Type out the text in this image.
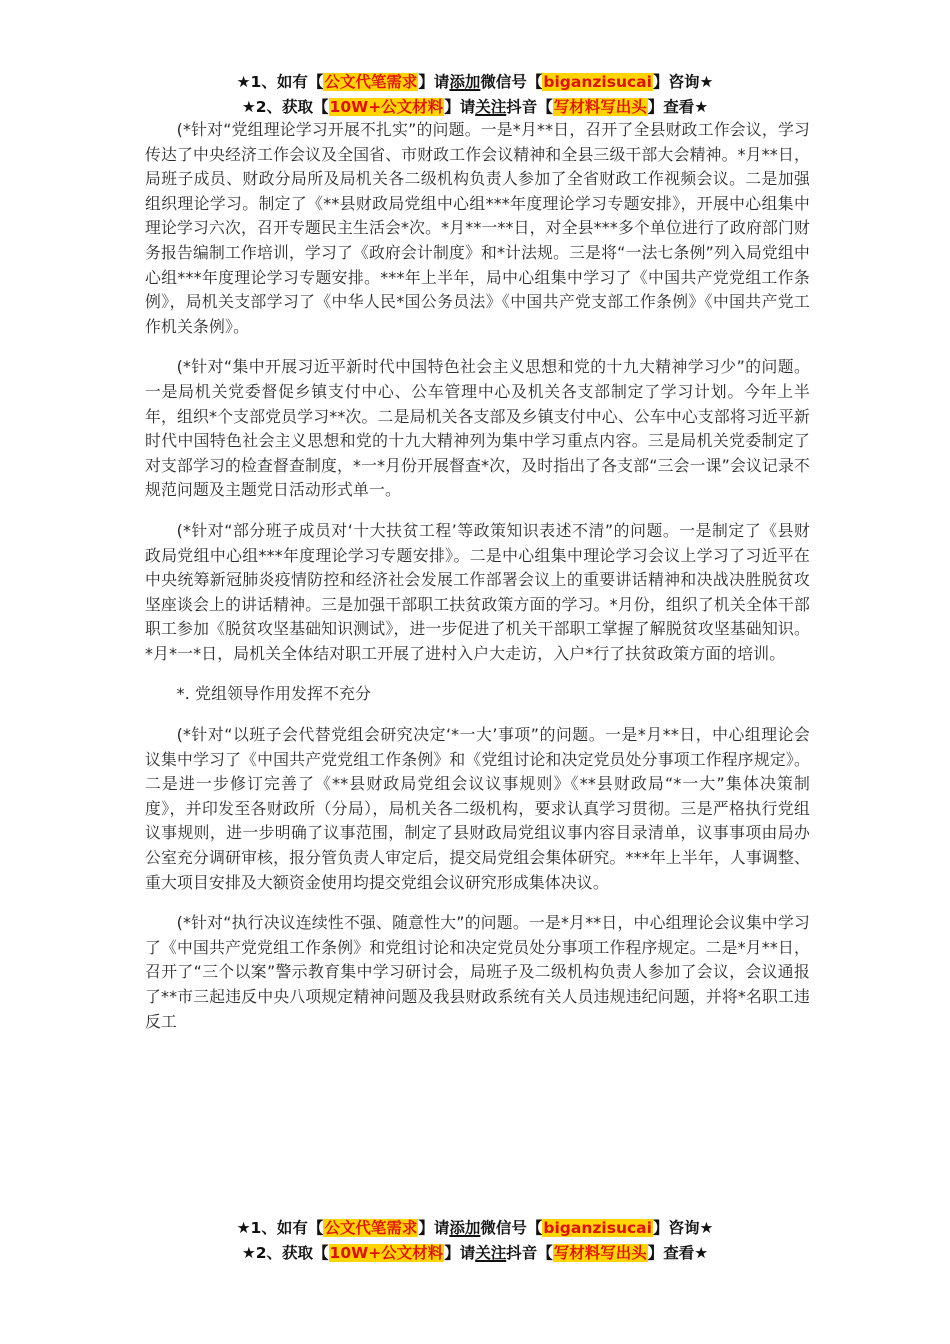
★1、如有【公文代笔需求】请添加微信号【biganzisucai】咨询★
★2、获取【10W+公文材料】请关注抖音【写材料写出头】查看★

(*针对“党组理论学习开展不扎实”的问题。一是*月**日，召开了全县财政工作会议，学习传达了中央经济工作会议及全国省、市财政工作会议精神和全县三级干部大会精神。*月**日，局班子成员、财政分局所及局机关各二级机构负责人参加了全省财政工作视频会议。二是加强组织理论学习。制定了《**县财政局党组中心组***年度理论学习专题安排》，开展中心组集中理论学习六次，召开专题民主生活会*次。*月**一**日，对全县***多个单位进行了政府部门财务报告编制工作培训，学习了《政府会计制度》和*计法规。三是将“一法七条例”列入局党组中心组***年度理论学习专题安排。***年上半年，局中心组集中学习了《中国共产党党组工作条例》，局机关支部学习了《中华人民*国公务员法》《中国共产党支部工作条例》《中国共产党工作机关条例》。

(*针对“集中开展习近平新时代中国特色社会主义思想和党的十九大精神学习少”的问题。一是局机关党委督促乡镇支付中心、公车管理中心及机关各支部制定了学习计划。今年上半年，组织*个支部党员学习**次。二是局机关各支部及乡镇支付中心、公车中心支部将习近平新时代中国特色社会主义思想和党的十九大精神列为集中学习重点内容。三是局机关党委制定了对支部学习的检查督查制度，*一*月份开展督查*次，及时指出了各支部“三会一课”会议记录不规范问题及主题党日活动形式单一。

(*针对“部分班子成员对‘十大扶贫工程’等政策知识表述不清”的问题。一是制定了《县财政局党组中心组***年度理论学习专题安排》。二是中心组集中理论学习会议上学习了习近平在中央统筹新冠肺炎疫情防控和经济社会发展工作部署会议上的重要讲话精神和决战决胜脱贫攻坚座谈会上的讲话精神。三是加强干部职工扶贫政策方面的学习。*月份，组织了机关全体干部职工参加《脱贫攻坚基础知识测试》，进一步促进了机关干部职工掌握了解脱贫攻坚基础知识。*月*一*日，局机关全体结对职工开展了进村入户大走访，入户*行了扶贫政策方面的培训。

*. 党组领导作用发挥不充分

(*针对“以班子会代替党组会研究决定‘*一大’事项”的问题。一是*月**日，中心组理论会议集中学习了《中国共产党党组工作条例》和《党组讨论和决定党员处分事项工作程序规定》。二是进一步修订完善了《**县财政局党组会议议事规则》《**县财政局“*一大”集体决策制度》，并印发至各财政所（分局），局机关各二级机构，要求认真学习贯彻。三是严格执行党组议事规则，进一步明确了议事范围，制定了县财政局党组议事内容目录清单，议事事项由局办公室充分调研审核，报分管负责人审定后，提交局党组会集体研究。***年上半年，人事调整、重大项目安排及大额资金使用均提交党组会议研究形成集体决议。

(*针对“执行决议连续性不强、随意性大”的问题。一是*月**日，中心组理论会议集中学习了《中国共产党党组工作条例》和党组讨论和决定党员处分事项工作程序规定。二是*月**日，召开了“三个以案”警示教育集中学习研讨会，局班子及二级机构负责人参加了会议，会议通报了**市三起违反中央八项规定精神问题及我县财政系统有关人员违规违纪问题，并将*名职工违反工

★1、如有【公文代笔需求】请添加微信号【biganzisucai】咨询★
★2、获取【10W+公文材料】请关注抖音【写材料写出头】查看★
